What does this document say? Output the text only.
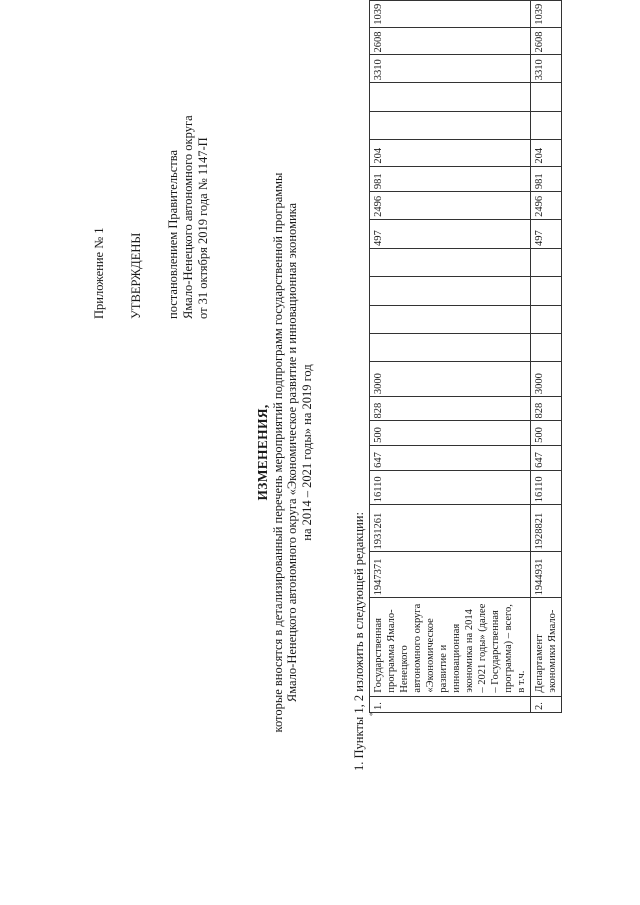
Приложение № 1 УТВЕРЖДЕНЫ постановлением Правительства Ямало-Ненецкого автономного округа от 31 октября 2019 года № 1147-П
ИЗМЕНЕНИЯ, которые вносятся в детализированный перечень мероприятий подпрограмм государственной программы Ямало-Ненецкого автономного округа «Экономическое развитие и инновационная экономика на 2014 – 2021 годы» на 2019 год
1. Пункты 1, 2 изложить в следующей редакции: «
1.	Государственная программа Ямало-Ненецкого автономного округа «Экономическое развитие и инновационная экономика на 2014 – 2021 годы» (далее – Государственная программа) – всего, в т.ч.	1947371	1931261	16110	647	500	828	3000					497	2496	981	204			3310	2608	1039
2.	Департамент экономики Ямало-	1944931	1928821	16110	647	500	828	3000					497	2496	981	204			3310	2608	1039
